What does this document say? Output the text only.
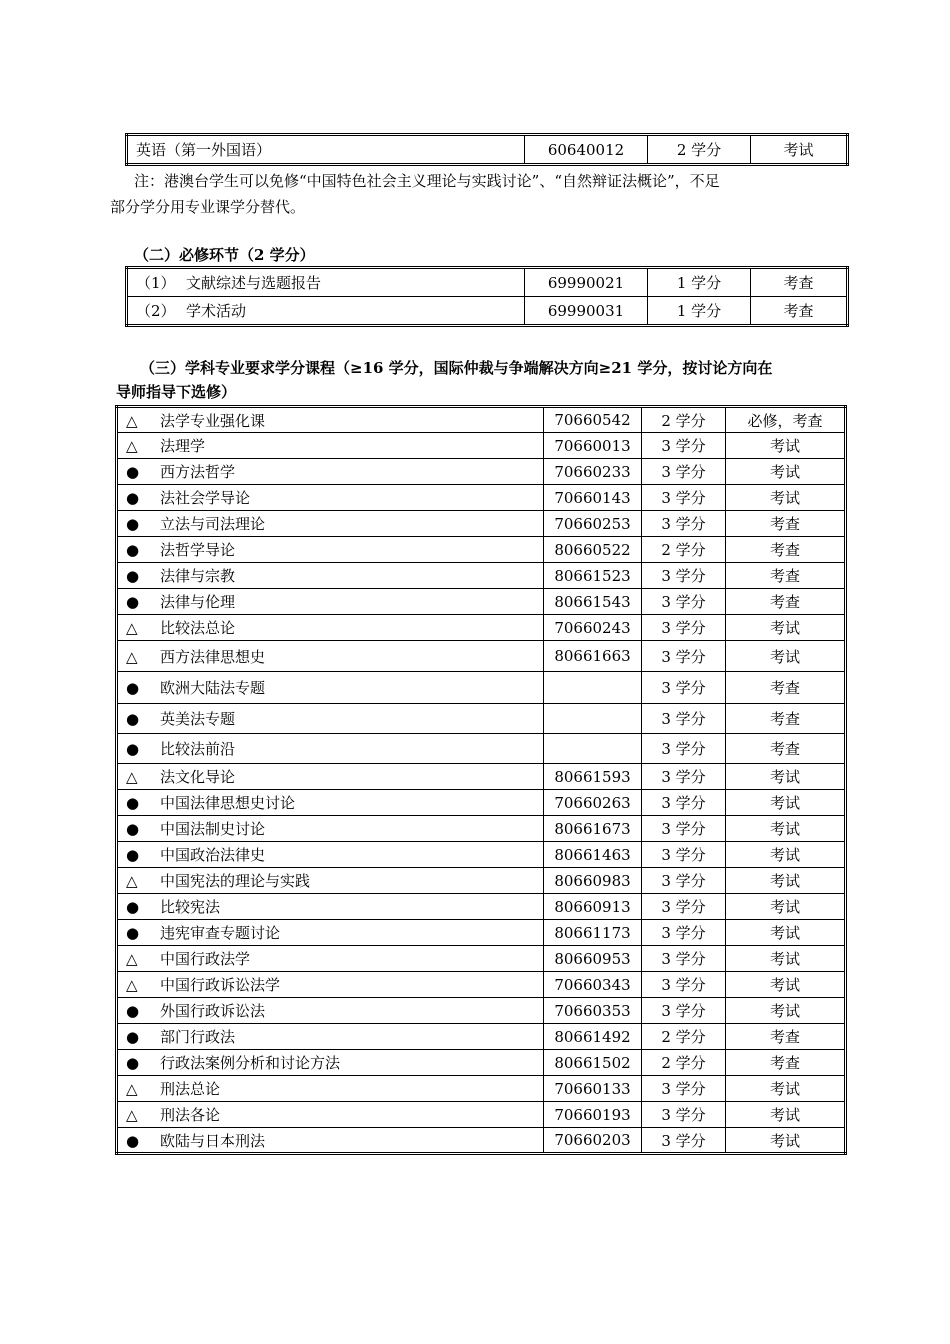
英语（第一外国语）	60640012	2 学分	考试
注：港澳台学生可以免修“中国特色社会主义理论与实践讨论”、“自然辩证法概论”，不足
部分学分用专业课学分替代。
（二）必修环节（2 学分）
（1） 文献综述与选题报告	69990021	1 学分	考查
（2） 学术活动	69990031	1 学分	考查
（三）学科专业要求学分课程（≥16 学分，国际仲裁与争端解决方向≥21 学分，按讨论方向在
导师指导下选修）
△ 法学专业强化课	70660542	2 学分	必修，考查
△ 法理学	70660013	3 学分	考试
● 西方法哲学	70660233	3 学分	考试
● 法社会学导论	70660143	3 学分	考试
● 立法与司法理论	70660253	3 学分	考查
● 法哲学导论	80660522	2 学分	考查
● 法律与宗教	80661523	3 学分	考查
● 法律与伦理	80661543	3 学分	考查
△ 比较法总论	70660243	3 学分	考试
△ 西方法律思想史	80661663	3 学分	考试
● 欧洲大陆法专题		3 学分	考查
● 英美法专题		3 学分	考查
● 比较法前沿		3 学分	考查
△ 法文化导论	80661593	3 学分	考试
● 中国法律思想史讨论	70660263	3 学分	考试
● 中国法制史讨论	80661673	3 学分	考试
● 中国政治法律史	80661463	3 学分	考试
△ 中国宪法的理论与实践	80660983	3 学分	考试
● 比较宪法	80660913	3 学分	考试
● 违宪审查专题讨论	80661173	3 学分	考试
△ 中国行政法学	80660953	3 学分	考试
△ 中国行政诉讼法学	70660343	3 学分	考试
● 外国行政诉讼法	70660353	3 学分	考试
● 部门行政法	80661492	2 学分	考查
● 行政法案例分析和讨论方法	80661502	2 学分	考查
△ 刑法总论	70660133	3 学分	考试
△ 刑法各论	70660193	3 学分	考试
● 欧陆与日本刑法	70660203	3 学分	考试
